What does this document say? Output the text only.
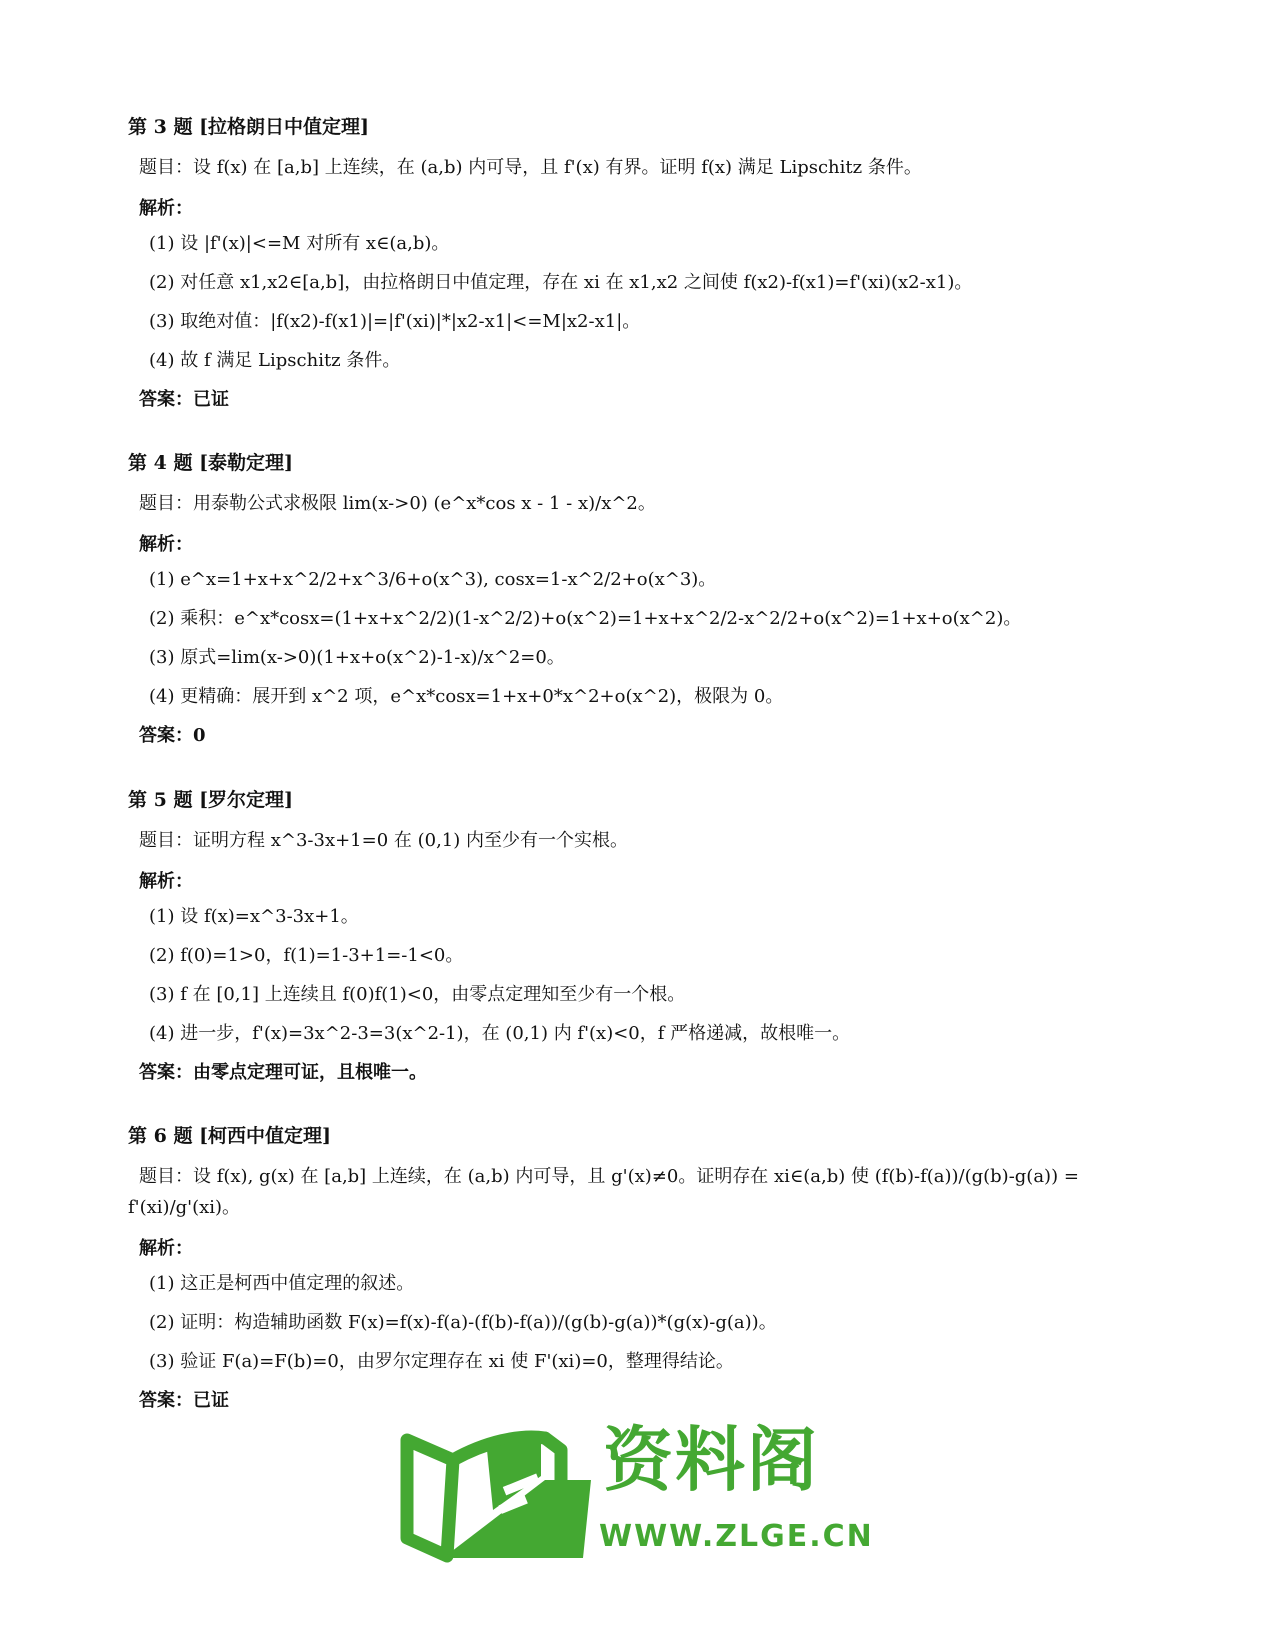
第 3 题 [拉格朗日中值定理]
题目：设 f(x) 在 [a,b] 上连续，在 (a,b) 内可导，且 f'(x) 有界。证明 f(x) 满足 Lipschitz 条件。
解析：
(1) 设 |f'(x)|<=M 对所有 x∈(a,b)。
(2) 对任意 x1,x2∈[a,b]，由拉格朗日中值定理，存在 xi 在 x1,x2 之间使 f(x2)-f(x1)=f'(xi)(x2-x1)。
(3) 取绝对值：|f(x2)-f(x1)|=|f'(xi)|*|x2-x1|<=M|x2-x1|。
(4) 故 f 满足 Lipschitz 条件。
答案：已证
第 4 题 [泰勒定理]
题目：用泰勒公式求极限 lim(x->0) (e^x*cos x - 1 - x)/x^2。
解析：
(1) e^x=1+x+x^2/2+x^3/6+o(x^3), cosx=1-x^2/2+o(x^3)。
(2) 乘积：e^x*cosx=(1+x+x^2/2)(1-x^2/2)+o(x^2)=1+x+x^2/2-x^2/2+o(x^2)=1+x+o(x^2)。
(3) 原式=lim(x->0)(1+x+o(x^2)-1-x)/x^2=0。
(4) 更精确：展开到 x^2 项，e^x*cosx=1+x+0*x^2+o(x^2)，极限为 0。
答案：0
第 5 题 [罗尔定理]
题目：证明方程 x^3-3x+1=0 在 (0,1) 内至少有一个实根。
解析：
(1) 设 f(x)=x^3-3x+1。
(2) f(0)=1>0，f(1)=1-3+1=-1<0。
(3) f 在 [0,1] 上连续且 f(0)f(1)<0，由零点定理知至少有一个根。
(4) 进一步，f'(x)=3x^2-3=3(x^2-1)，在 (0,1) 内 f'(x)<0，f 严格递减，故根唯一。
答案：由零点定理可证，且根唯一。
第 6 题 [柯西中值定理]
题目：设 f(x), g(x) 在 [a,b] 上连续，在 (a,b) 内可导，且 g'(x)≠0。证明存在 xi∈(a,b) 使 (f(b)-f(a))/(g(b)-g(a)) = f'(xi)/g'(xi)。
解析：
(1) 这正是柯西中值定理的叙述。
(2) 证明：构造辅助函数 F(x)=f(x)-f(a)-(f(b)-f(a))/(g(b)-g(a))*(g(x)-g(a))。
(3) 验证 F(a)=F(b)=0，由罗尔定理存在 xi 使 F'(xi)=0，整理得结论。
答案：已证
资料阁
WWW.ZLGE.CN
